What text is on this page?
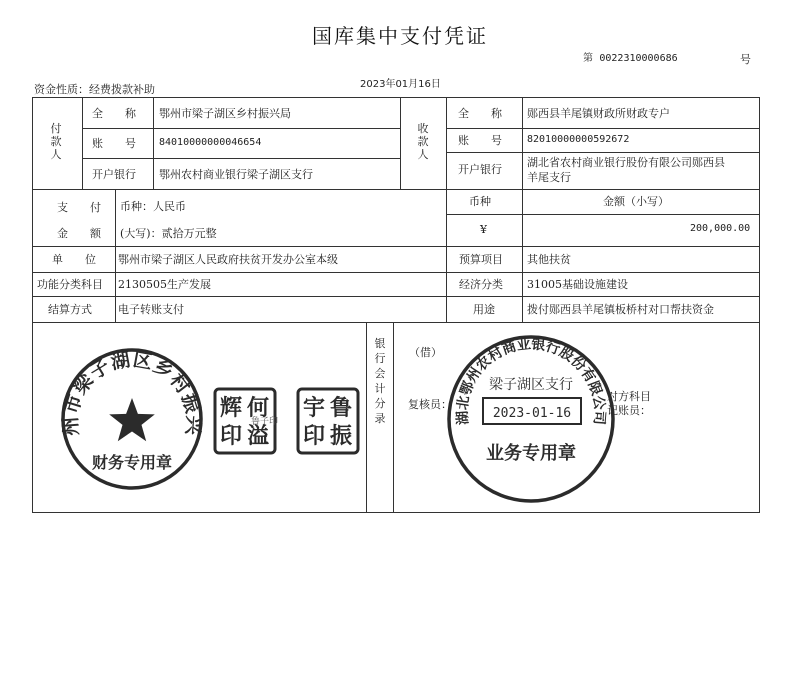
国库集中支付凭证
第 0022310000686	号
资金性质：经费拨款补助	2023年01月16日
付款人
全　　称 鄂州市梁子湖区乡村振兴局
账　　号 84010000000046654
开户银行 鄂州农村商业银行梁子湖区支行
收款人
全　　称 郧西县羊尾镇财政所财政专户
账　　号	82010000000592672
开户银行
湖北省农村商业银行股份有限公司郧西县
羊尾支行
支　　付
金　　额
币种：人民币
(大写)：贰拾万元整
币种	金额（小写）
¥	200,000.00
单　　位 鄂州市梁子湖区人民政府扶贫开发办公室本级	预算项目 其他扶贫
功能分类科目 2130505生产发展	经济分类 31005基础设施建设
结算方式 电子转账支付	用途	拨付郧西县羊尾镇板桥村对口帮扶资金
银行会计分录
（借）
复核员：
对方科目
记账员：
鄂州市梁子湖区乡村振兴局
财务专用章
何
辉
印 溢
宇 鲁
印 振
鲁子印	湖北鄂州农村商业银行股份有限公司
梁子湖区支行
2023-01-16
业务专用章
